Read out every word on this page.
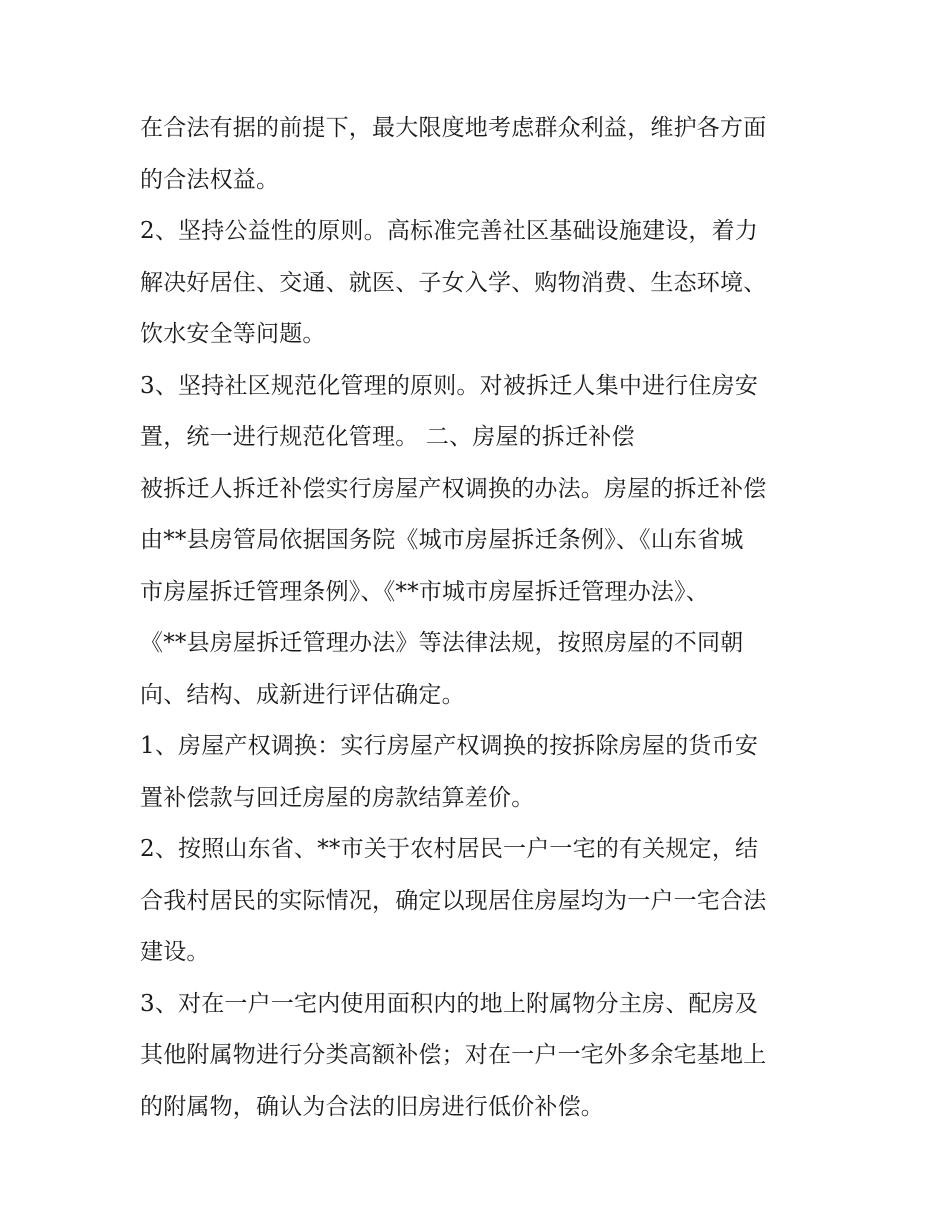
在合法有据的前提下，最大限度地考虑群众利益，维护各方面
的合法权益。
2、坚持公益性的原则。高标准完善社区基础设施建设，着力
解决好居住、交通、就医、子女入学、购物消费、生态环境、
饮水安全等问题。
3、坚持社区规范化管理的原则。对被拆迁人集中进行住房安
置，统一进行规范化管理。 二、房屋的拆迁补偿
被拆迁人拆迁补偿实行房屋产权调换的办法。房屋的拆迁补偿
由**县房管局依据国务院《城市房屋拆迁条例》、《山东省城
市房屋拆迁管理条例》、《**市城市房屋拆迁管理办法》、
《**县房屋拆迁管理办法》等法律法规，按照房屋的不同朝
向、结构、成新进行评估确定。
1、房屋产权调换：实行房屋产权调换的按拆除房屋的货币安
置补偿款与回迁房屋的房款结算差价。
2、按照山东省、**市关于农村居民一户一宅的有关规定，结
合我村居民的实际情况，确定以现居住房屋均为一户一宅合法
建设。
3、对在一户一宅内使用面积内的地上附属物分主房、配房及
其他附属物进行分类高额补偿；对在一户一宅外多余宅基地上
的附属物，确认为合法的旧房进行低价补偿。
